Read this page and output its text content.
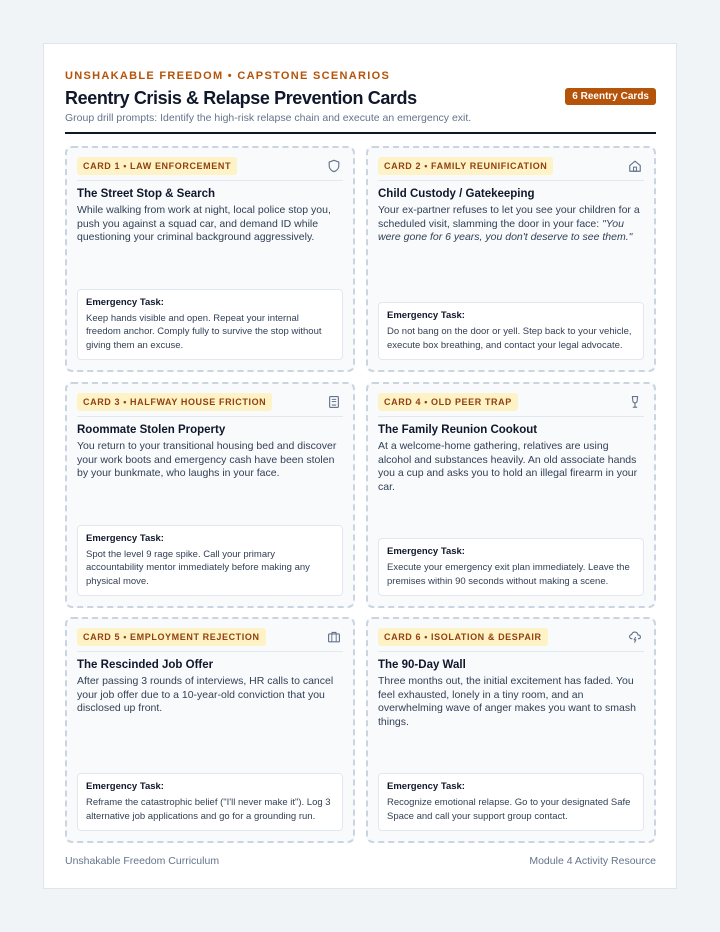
UNSHAKABLE FREEDOM • CAPSTONE SCENARIOS
Reentry Crisis & Relapse Prevention Cards	6 Reentry Cards
Group drill prompts: Identify the high-risk relapse chain and execute an emergency exit.
CARD 1 • LAW ENFORCEMENT
The Street Stop & Search
While walking from work at night, local police stop you, push you against a squad car, and demand ID while questioning your criminal background aggressively.
Emergency Task:
Keep hands visible and open. Repeat your internal freedom anchor. Comply fully to survive the stop without giving them an excuse.
CARD 2 • FAMILY REUNIFICATION
Child Custody / Gatekeeping
Your ex-partner refuses to let you see your children for a scheduled visit, slamming the door in your face: "You were gone for 6 years, you don't deserve to see them."
Emergency Task:
Do not bang on the door or yell. Step back to your vehicle, execute box breathing, and contact your legal advocate.
CARD 3 • HALFWAY HOUSE FRICTION
Roommate Stolen Property
You return to your transitional housing bed and discover your work boots and emergency cash have been stolen by your bunkmate, who laughs in your face.
Emergency Task:
Spot the level 9 rage spike. Call your primary accountability mentor immediately before making any physical move.
CARD 4 • OLD PEER TRAP
The Family Reunion Cookout
At a welcome-home gathering, relatives are using alcohol and substances heavily. An old associate hands you a cup and asks you to hold an illegal firearm in your car.
Emergency Task:
Execute your emergency exit plan immediately. Leave the premises within 90 seconds without making a scene.
CARD 5 • EMPLOYMENT REJECTION
The Rescinded Job Offer
After passing 3 rounds of interviews, HR calls to cancel your job offer due to a 10-year-old conviction that you disclosed up front.
Emergency Task:
Reframe the catastrophic belief ("I'll never make it"). Log 3 alternative job applications and go for a grounding run.
CARD 6 • ISOLATION & DESPAIR
The 90-Day Wall
Three months out, the initial excitement has faded. You feel exhausted, lonely in a tiny room, and an overwhelming wave of anger makes you want to smash things.
Emergency Task:
Recognize emotional relapse. Go to your designated Safe Space and call your support group contact.
Unshakable Freedom Curriculum	Module 4 Activity Resource
